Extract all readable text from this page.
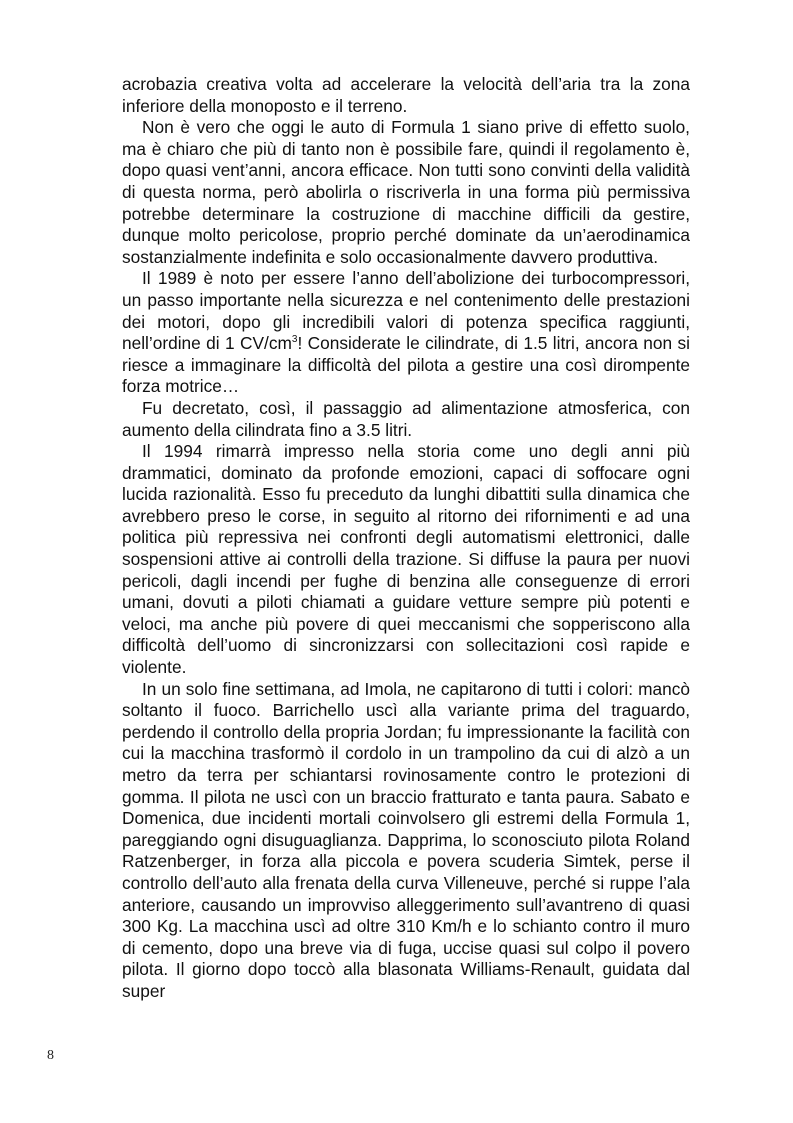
acrobazia creativa volta ad accelerare la velocità dell’aria tra la zona inferiore della monoposto e il terreno.

Non è vero che oggi le auto di Formula 1 siano prive di effetto suolo, ma è chiaro che più di tanto non è possibile fare, quindi il regolamento è, dopo quasi vent’anni, ancora efficace. Non tutti sono convinti della validità di questa norma, però abolirla o riscriverla in una forma più permissiva potrebbe determinare la costruzione di macchine difficili da gestire, dunque molto pericolose, proprio perché dominate da un’aerodinamica sostanzialmente indefinita e solo occasionalmente davvero produttiva.

Il 1989 è noto per essere l’anno dell’abolizione dei turbocompressori, un passo importante nella sicurezza e nel contenimento delle prestazioni dei motori, dopo gli incredibili valori di potenza specifica raggiunti, nell’ordine di 1 $CV/cm^3$! Considerate le cilindrate, di 1.5 litri, ancora non si riesce a immaginare la difficoltà del pilota a gestire una così dirompente forza motrice…

Fu decretato, così, il passaggio ad alimentazione atmosferica, con aumento della cilindrata fino a 3.5 litri.

Il 1994 rimarrà impresso nella storia come uno degli anni più drammatici, dominato da profonde emozioni, capaci di soffocare ogni lucida razionalità. Esso fu preceduto da lunghi dibattiti sulla dinamica che avrebbero preso le corse, in seguito al ritorno dei rifornimenti e ad una politica più repressiva nei confronti degli automatismi elettronici, dalle sospensioni attive ai controlli della trazione. Si diffuse la paura per nuovi pericoli, dagli incendi per fughe di benzina alle conseguenze di errori umani, dovuti a piloti chiamati a guidare vetture sempre più potenti e veloci, ma anche più povere di quei meccanismi che sopperiscono alla difficoltà dell’uomo di sincronizzarsi con sollecitazioni così rapide e violente.

In un solo fine settimana, ad Imola, ne capitarono di tutti i colori: mancò soltanto il fuoco. Barrichello uscì alla variante prima del traguardo, perdendo il controllo della propria Jordan; fu impressionante la facilità con cui la macchina trasformò il cordolo in un trampolino da cui di alzò a un metro da terra per schiantarsi rovinosamente contro le protezioni di gomma. Il pilota ne uscì con un braccio fratturato e tanta paura. Sabato e Domenica, due incidenti mortali coinvolsero gli estremi della Formula 1, pareggiando ogni disuguaglianza. Dapprima, lo sconosciuto pilota Roland Ratzenberger, in forza alla piccola e povera scuderia Simtek, perse il controllo dell’auto alla frenata della curva Villeneuve, perché si ruppe l’ala anteriore, causando un improvviso alleggerimento sull’avantreno di quasi 300 Kg. La macchina uscì ad oltre 310 Km/h e lo schianto contro il muro di cemento, dopo una breve via di fuga, uccise quasi sul colpo il povero pilota. Il giorno dopo toccò alla blasonata Williams-Renault, guidata dal super

8
